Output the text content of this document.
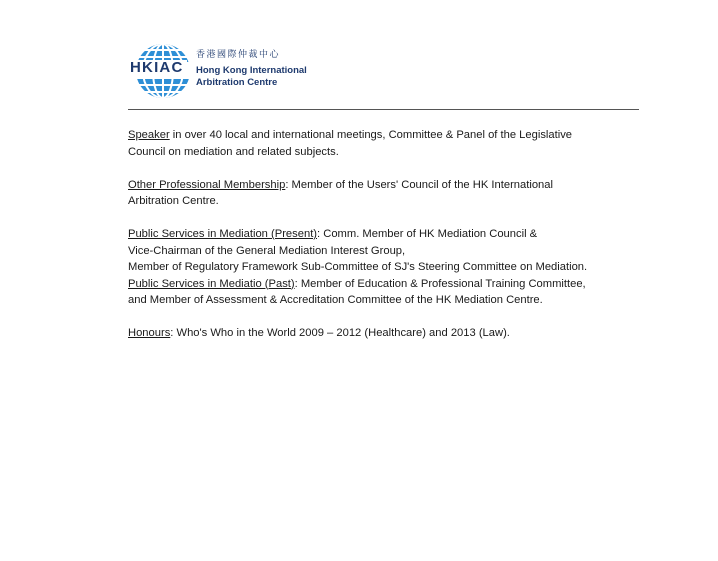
HKIAC
香港國際仲裁中心
Hong Kong International
Arbitration Centre
Speaker in over 40 local and international meetings, Committee & Panel of the Legislative
Council on mediation and related subjects.
Other Professional Membership: Member of the Users' Council of the HK International
Arbitration Centre.
Public Services in Mediation (Present): Comm. Member of HK Mediation Council &
Vice-Chairman of the General Mediation Interest Group,
Member of Regulatory Framework Sub-Committee of SJ's Steering Committee on Mediation.
Public Services in Mediatio (Past): Member of Education & Professional Training Committee,
and Member of Assessment & Accreditation Committee of the HK Mediation Centre.
Honours: Who's Who in the World 2009 – 2012 (Healthcare) and 2013 (Law).
